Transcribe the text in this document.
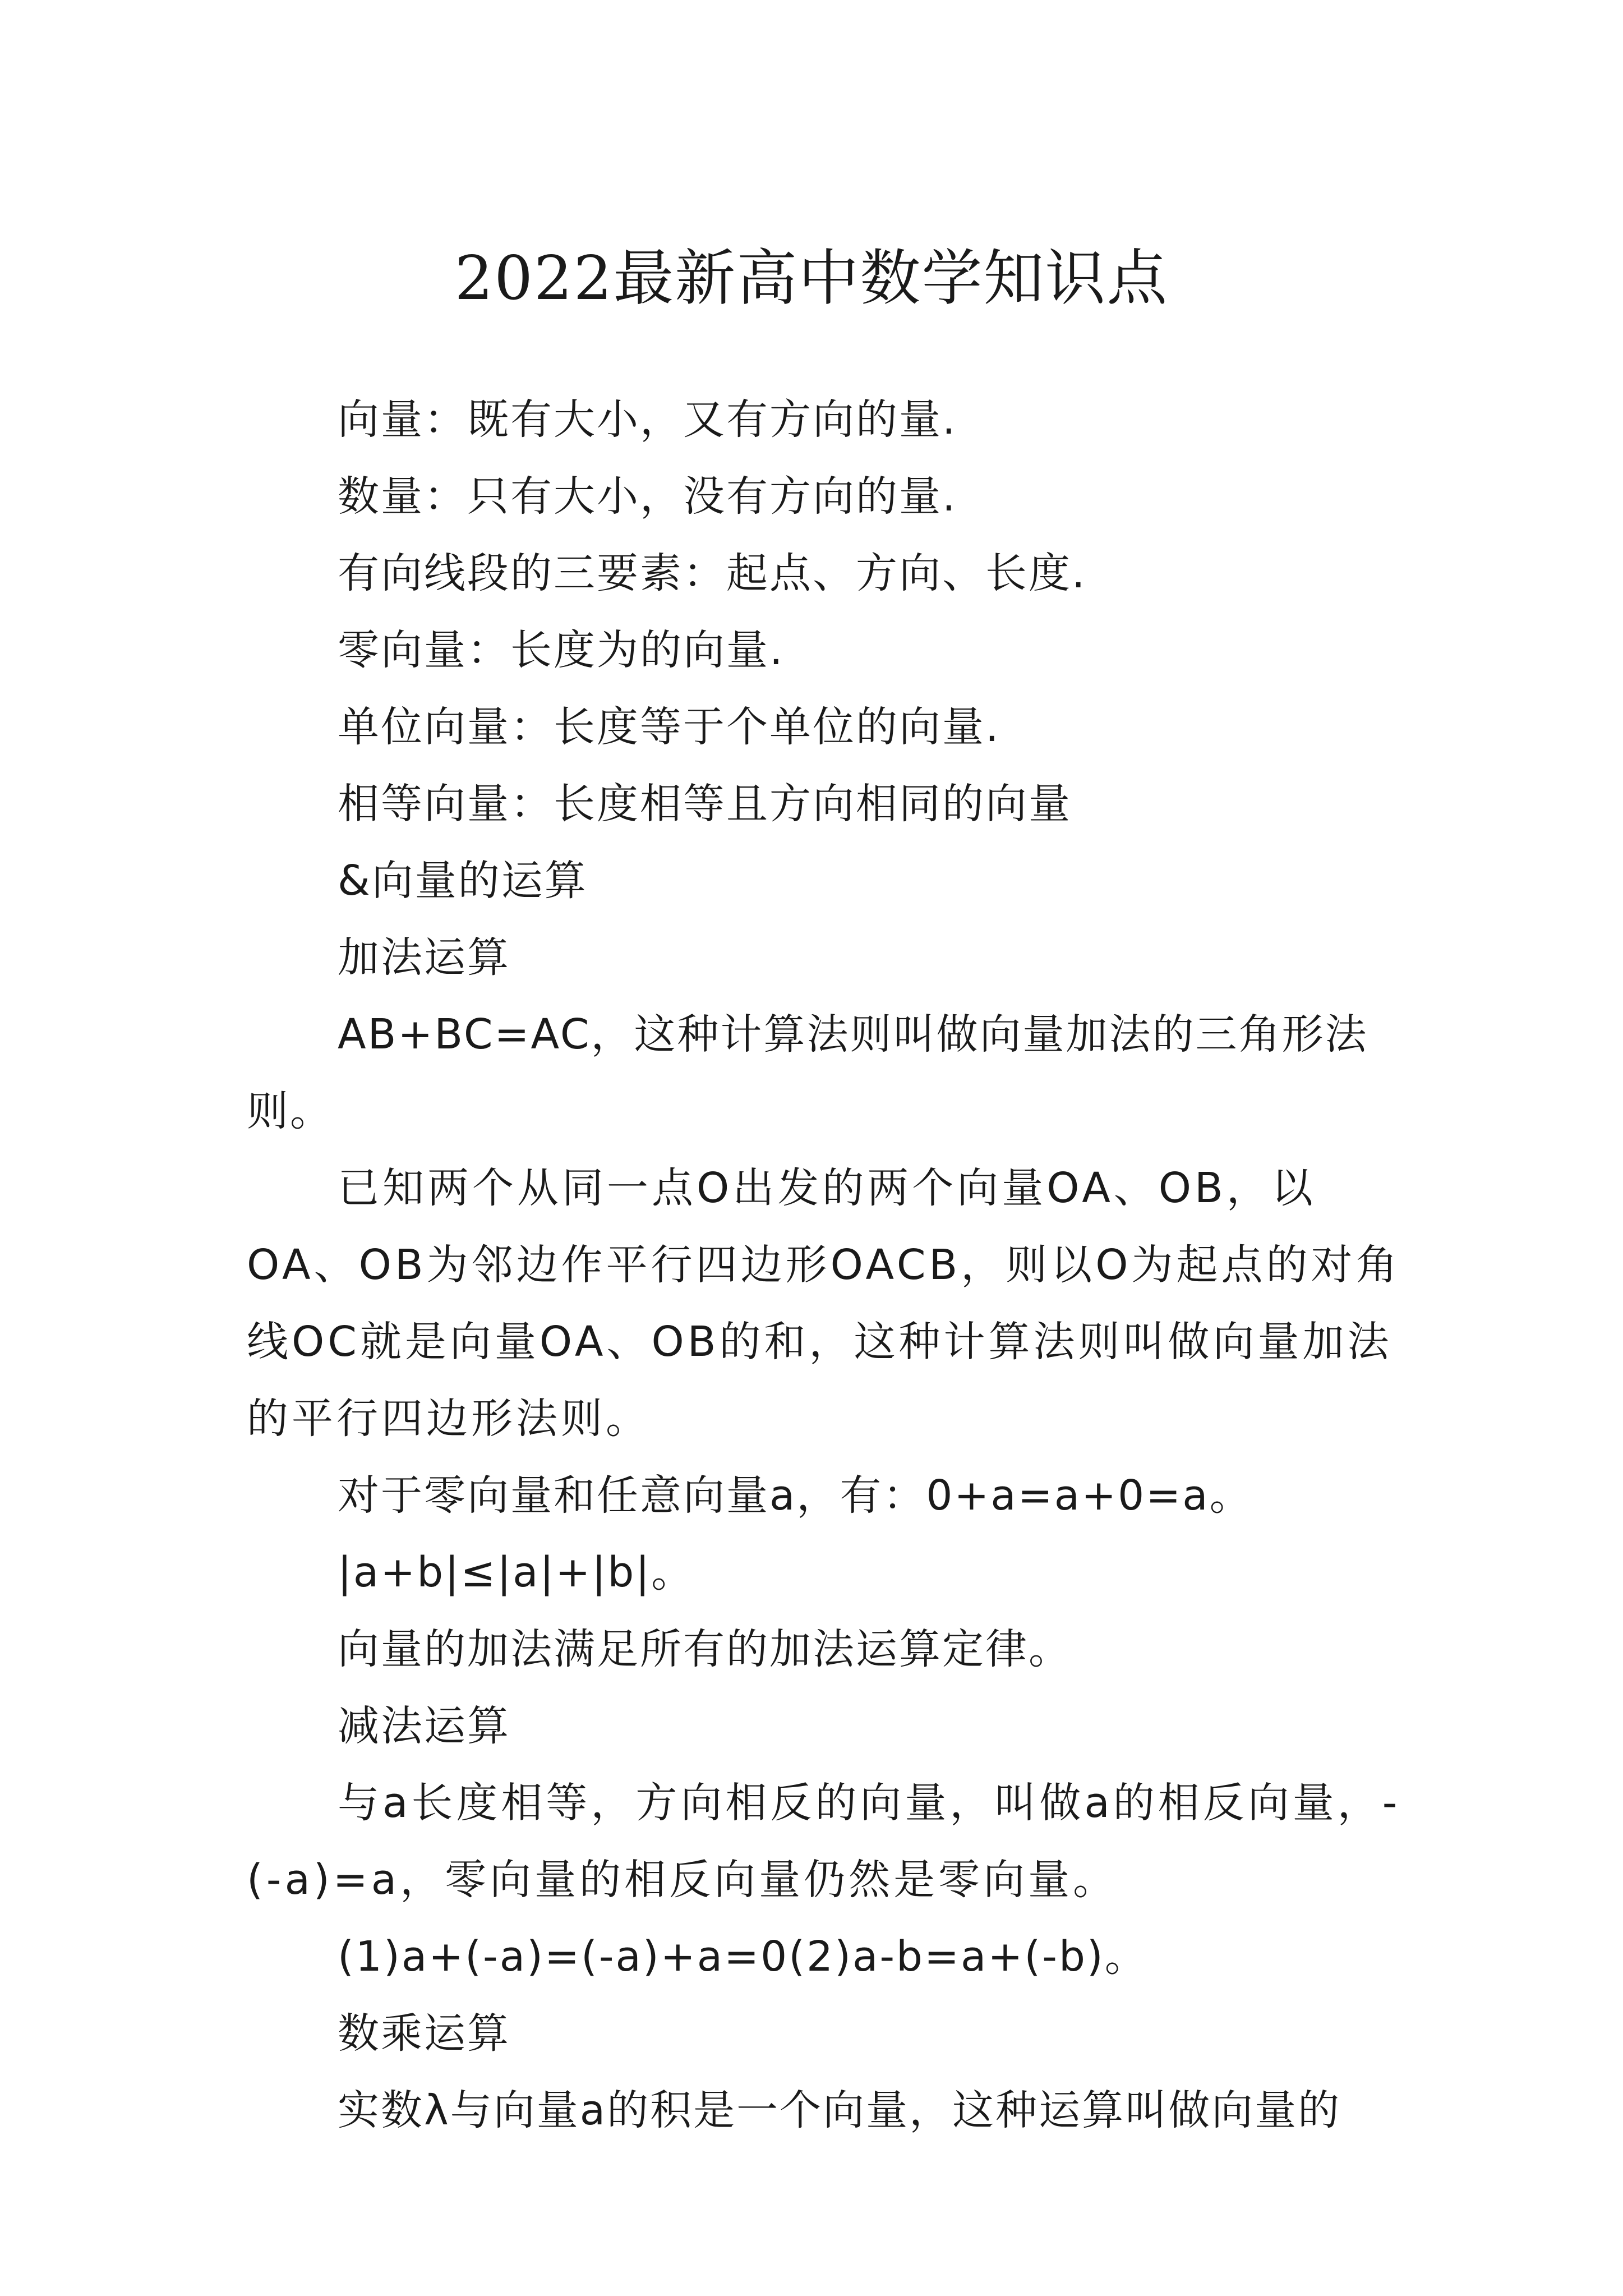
2022最新高中数学知识点

向量：既有大小，又有方向的量.

数量：只有大小，没有方向的量.

有向线段的三要素：起点、方向、长度.

零向量：长度为的向量.

单位向量：长度等于个单位的向量.

相等向量：长度相等且方向相同的向量

&向量的运算

加法运算

AB+BC=AC，这种计算法则叫做向量加法的三角形法则。

已知两个从同一点O出发的两个向量OA、OB，以OA、OB为邻边作平行四边形OACB，则以O为起点的对角线OC就是向量OA、OB的和，这种计算法则叫做向量加法的平行四边形法则。

对于零向量和任意向量a，有：0+a=a+0=a。

|a+b|≤|a|+|b|。

向量的加法满足所有的加法运算定律。

减法运算

与a长度相等，方向相反的向量，叫做a的相反向量，-(-a)=a，零向量的相反向量仍然是零向量。

(1)a+(-a)=(-a)+a=0(2)a-b=a+(-b)。

数乘运算

实数λ与向量a的积是一个向量，这种运算叫做向量的
